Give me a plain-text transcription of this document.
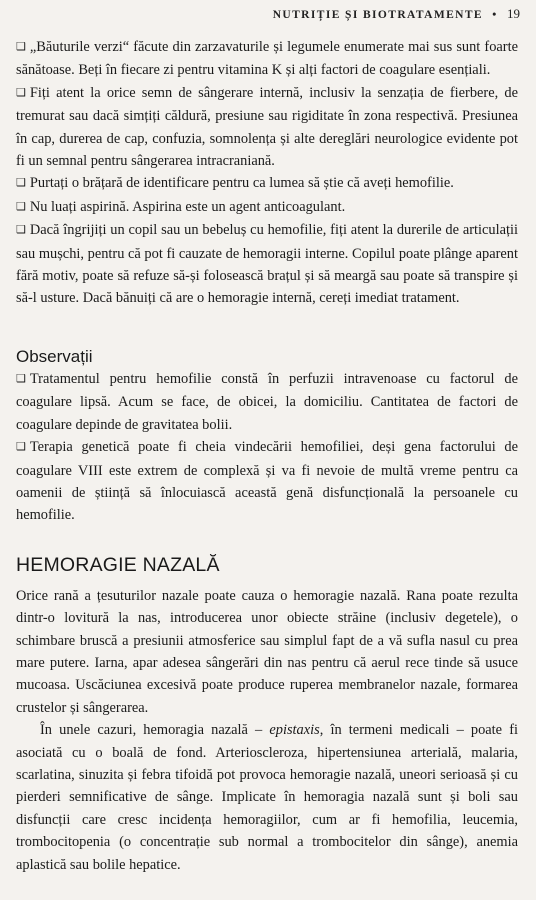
NUTRIȚIE ȘI BIOTRATAMENTE • 19

❑ „Băuturile verzi“ făcute din zarzavaturile și legumele enumerate mai sus sunt foarte sănătoase. Beți în fiecare zi pentru vitamina K și alți factori de coagulare esențiali.

❑ Fiți atent la orice semn de sângerare internă, inclusiv la senzația de fierbere, de tremurat sau dacă simțiți căldură, presiune sau rigiditate în zona respectivă. Presiunea în cap, durerea de cap, confuzia, somnolența și alte dereglări neurologice evidente pot fi un semnal pentru sângerarea intracraniană.

❑ Purtați o brățară de identificare pentru ca lumea să știe că aveți hemofilie.

❑ Nu luați aspirină. Aspirina este un agent anticoagulant.

❑ Dacă îngrijiți un copil sau un bebeluș cu hemofilie, fiți atent la durerile de articulații sau mușchi, pentru că pot fi cauzate de hemoragii interne. Copilul poate plânge aparent fără motiv, poate să refuze să-și folosească brațul și să meargă sau poate să transpire și să-l usture. Dacă bănuiți că are o hemoragie internă, cereți imediat tratament.

Observații

❑ Tratamentul pentru hemofilie constă în perfuzii intravenoase cu factorul de coagulare lipsă. Acum se face, de obicei, la domiciliu. Cantitatea de factori de coagulare depinde de gravitatea bolii.

❑ Terapia genetică poate fi cheia vindecării hemofiliei, deși gena factorului de coagulare VIII este extrem de complexă și va fi nevoie de multă vreme pentru ca oamenii de știință să înlocuiască această genă disfuncțională la persoanele cu hemofilie.

HEMORAGIE NAZALĂ

Orice rană a țesuturilor nazale poate cauza o hemoragie nazală. Rana poate rezulta dintr-o lovitură la nas, introducerea unor obiecte străine (inclusiv degetele), o schimbare bruscă a presiunii atmosferice sau simplul fapt de a vă sufla nasul cu prea mare putere. Iarna, apar adesea sângerări din nas pentru că aerul rece tinde să usuce mucoasa. Uscăciunea excesivă poate produce ruperea membranelor nazale, formarea crustelor și sângerarea.

În unele cazuri, hemoragia nazală – epistaxis, în termeni medicali – poate fi asociată cu o boală de fond. Arterioscleroza, hipertensiunea arterială, malaria, scarlatina, sinuzita și febra tifoidă pot provoca hemoragie nazală, uneori serioasă și cu pierderi semnificative de sânge. Implicate în hemoragia nazală sunt și boli sau disfuncții care cresc incidența hemoragiilor, cum ar fi hemofilia, leucemia, trombocitopenia (o concentrație sub normal a trombocitelor din sânge), anemia aplastică sau bolile hepatice.
